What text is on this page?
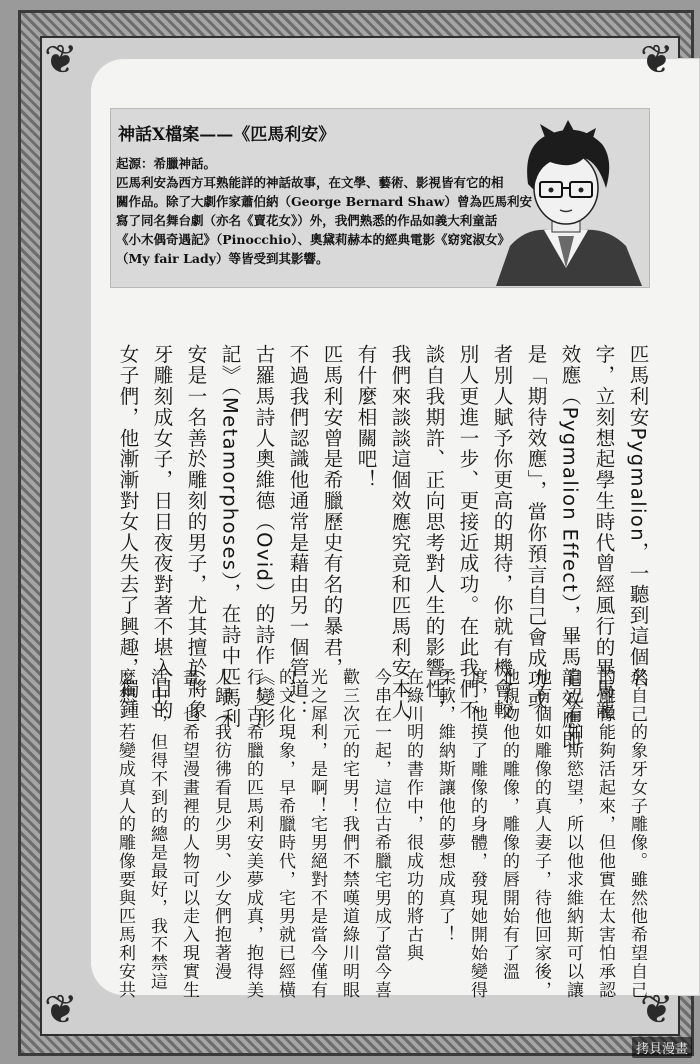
❦
❦
❦
❦
神話X檔案——《匹馬利安》
起源：希臘神話。
匹馬利安為西方耳熟能詳的神話故事，在文學、藝術、影視皆有它的相
關作品。除了大劇作家蕭伯納（George Bernard Shaw）曾為匹馬利安
寫了同名舞台劇（亦名《賣花女》）外，我們熟悉的作品如義大利童話
《小木偶奇遇記》（Pinocchio）、奧黛莉赫本的經典電影《窈窕淑女》
（My fair Lady）等皆受到其影響。
匹馬利安Pygmalion，一聽到這個名
字，立刻想起學生時代曾經風行的畢馬龍
效應（Pygmalion Effect），畢馬龍效應即
是「期待效應」，當你預言自己會成功或
者別人賦予你更高的期待，你就有機會較
別人更進一步、更接近成功。在此我們不
談自我期許、正向思考對人生的影響性，
我們來談談這個效應究竟和匹馬利安本人
有什麼相關吧！
匹馬利安曾是希臘歷史有名的暴君，
不過我們認識他通常是藉由另一個管道：
古羅馬詩人奧維德（Ovid）的詩作《變形
記》（Metamorphoses），在詩中匹馬利
安是一名善於雕刻的男子，尤其擅於將象
牙雕刻成女子，日日夜夜對著不堪入目的
女子們，他漸漸對女人失去了興趣，獨鍾
於自己的象牙女子雕像。雖然他希望自己
的雕像能夠活起來，但他實在太害怕承認
自己有如斯慾望，所以他求維納斯可以讓
他有個如雕像的真人妻子，待他回家後，
他親吻他的雕像，雕像的唇開始有了溫
度，他摸了雕像的身體，發現她開始變得
柔軟，維納斯讓他的夢想成真了！
在綠川明的書作中，很成功的將古與
今串在一起，這位古希臘宅男成了當今喜
歡三次元的宅男！我們不禁嘆道綠川明眼
光之犀利，是啊！宅男絕對不是當今僅有
的文化現象，早希臘時代，宅男就已經橫
行！古希臘的匹馬利安美夢成真，抱得美
人歸（我彷彿看見少男、少女們抱著漫
畫，也希望漫畫裡的人物可以走入現實生
活中），但得不到的總是最好，我不禁這
麼想，若變成真人的雕像要與匹馬利安共
拷貝漫畫
